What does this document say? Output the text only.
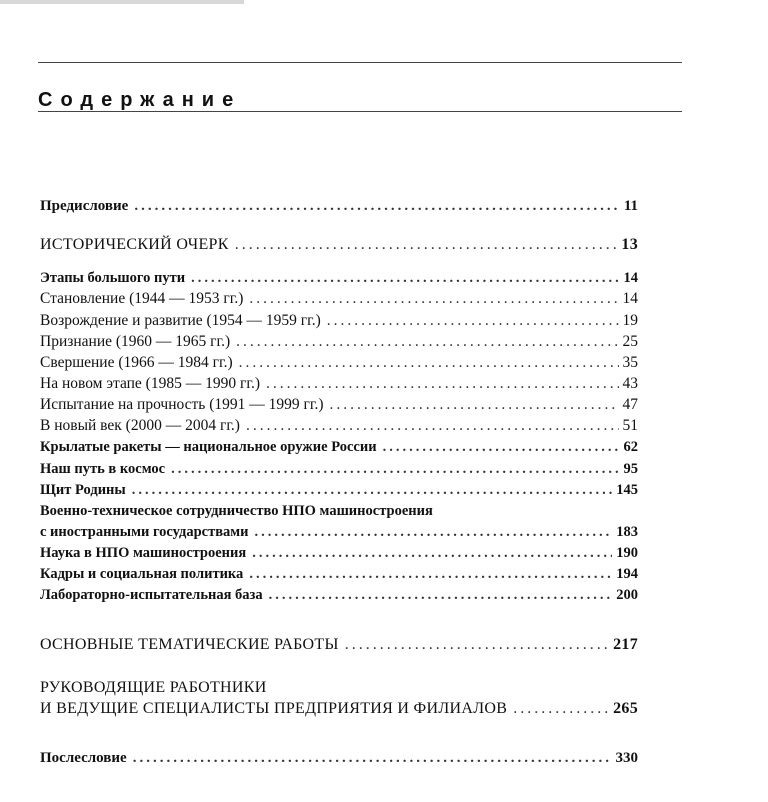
Содержание
Предисловие .....	11
ИСТОРИЧЕСКИЙ ОЧЕРК .....	13
Этапы большого пути .....	14
Становление (1944 — 1953 гг.) .....	14
Возрождение и развитие (1954 — 1959 гг.) .....	19
Признание (1960 — 1965 гг.) .....	25
Свершение (1966 — 1984 гг.) .....	35
На новом этапе (1985 — 1990 гг.) .....	43
Испытание на прочность (1991 — 1999 гг.) .....	47
В новый век (2000 — 2004 гг.) .....	51
Крылатые ракеты — национальное оружие России .....	62
Наш путь в космос .....	95
Щит Родины .....	145
Военно-техническое сотрудничество НПО машиностроения
с иностранными государствами .....	183
Наука в НПО машиностроения .....	190
Кадры и социальная политика .....	194
Лабораторно-испытательная база .....	200
ОСНОВНЫЕ ТЕМАТИЧЕСКИЕ РАБОТЫ .....	217
РУКОВОДЯЩИЕ РАБОТНИКИ
И ВЕДУЩИЕ СПЕЦИАЛИСТЫ ПРЕДПРИЯТИЯ И ФИЛИАЛОВ .....	265
Послесловие .....	330
